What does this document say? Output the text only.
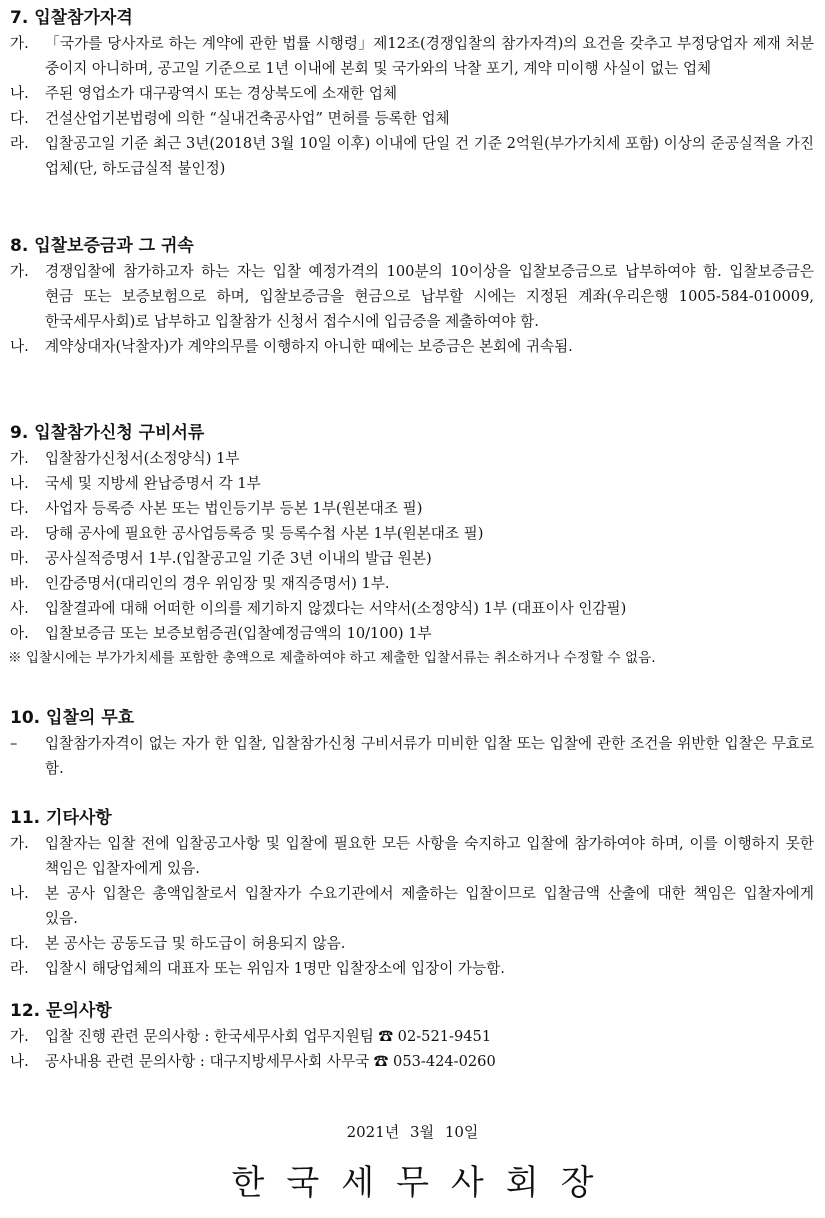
7. 입찰참가자격
가.	「국가를 당사자로 하는 계약에 관한 법률 시행령」제12조(경쟁입찰의 참가자격)의 요건을 갖추고 부정당업자 제재 처분 중이지 아니하며, 공고일 기준으로 1년 이내에 본회 및 국가와의 낙찰 포기, 계약 미이행 사실이 없는 업체
나.	주된 영업소가 대구광역시 또는 경상북도에 소재한 업체
다.	건설산업기본법령에 의한 “실내건축공사업” 면허를 등록한 업체
라.	입찰공고일 기준 최근 3년(2018년 3월 10일 이후) 이내에 단일 건 기준 2억원(부가가치세 포함) 이상의 준공실적을 가진 업체(단, 하도급실적 불인정)
8. 입찰보증금과 그 귀속
가.	경쟁입찰에 참가하고자 하는 자는 입찰 예정가격의 100분의 10이상을 입찰보증금으로 납부하여야 함. 입찰보증금은 현금 또는 보증보험으로 하며, 입찰보증금을 현금으로 납부할 시에는 지정된 계좌(우리은행 1005-584-010009, 한국세무사회)로 납부하고 입찰참가 신청서 접수시에 입금증을 제출하여야 함.
나.	계약상대자(낙찰자)가 계약의무를 이행하지 아니한 때에는 보증금은 본회에 귀속됨.
9. 입찰참가신청 구비서류
가.	입찰참가신청서(소정양식) 1부
나.	국세 및 지방세 완납증명서 각 1부
다.	사업자 등록증 사본 또는 법인등기부 등본 1부(원본대조 필)
라.	당해 공사에 필요한 공사업등록증 및 등록수첩 사본 1부(원본대조 필)
마.	공사실적증명서 1부.(입찰공고일 기준 3년 이내의 발급 원본)
바.	인감증명서(대리인의 경우 위임장 및 재직증명서) 1부.
사.	입찰결과에 대해 어떠한 이의를 제기하지 않겠다는 서약서(소정양식) 1부 (대표이사 인감필)
아.	입찰보증금 또는 보증보험증권(입찰예정금액의 10/100) 1부
※ 입찰시에는 부가가치세를 포함한 총액으로 제출하여야 하고 제출한 입찰서류는 취소하거나 수정할 수 없음.
10. 입찰의 무효
–	입찰참가자격이 없는 자가 한 입찰, 입찰참가신청 구비서류가 미비한 입찰 또는 입찰에 관한 조건을 위반한 입찰은 무효로 함.
11. 기타사항
가.	입찰자는 입찰 전에 입찰공고사항 및 입찰에 필요한 모든 사항을 숙지하고 입찰에 참가하여야 하며, 이를 이행하지 못한 책임은 입찰자에게 있음.
나.	본 공사 입찰은 총액입찰로서 입찰자가 수요기관에서 제출하는 입찰이므로 입찰금액 산출에 대한 책임은 입찰자에게 있음.
다.	본 공사는 공동도급 및 하도급이 허용되지 않음.
라.	입찰시 해당업체의 대표자 또는 위임자 1명만 입찰장소에 입장이 가능함.
12. 문의사항
가.	입찰 진행 관련 문의사항 : 한국세무사회 업무지원팀 ☎ 02-521-9451
나.	공사내용 관련 문의사항 : 대구지방세무사회 사무국 ☎ 053-424-0260
2021년 3월 10일
한국세무사회장
